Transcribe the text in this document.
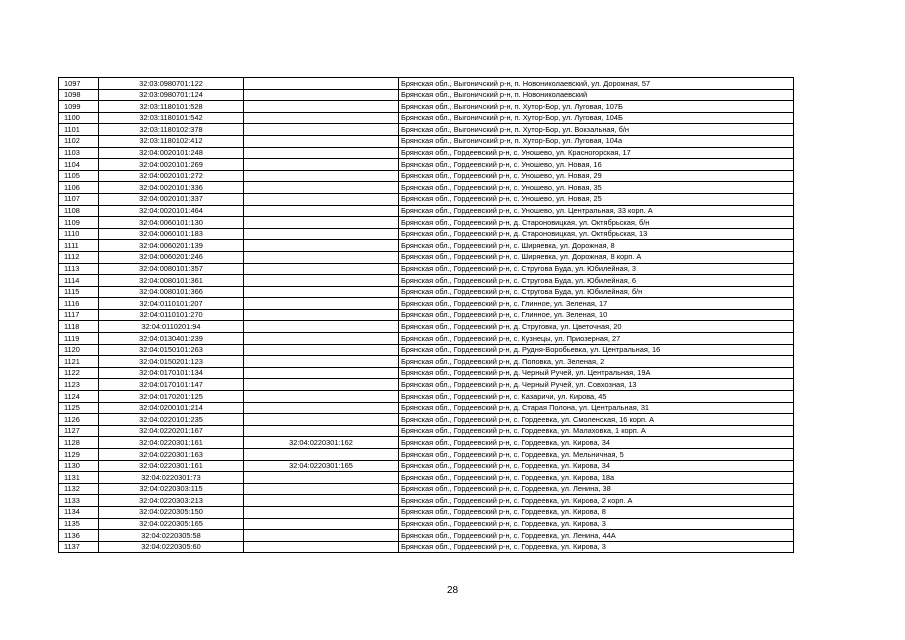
1097	32:03:0980701:122		Брянская обл., Выгоничский р-н, п. Новониколаевский, ул. Дорожная, 57
1098	32:03:0980701:124		Брянская обл., Выгоничский р-н, п. Новониколаевский
1099	32:03:1180101:528		Брянская обл., Выгоничский р-н, п. Хутор-Бор, ул. Луговая, 107Б
1100	32:03:1180101:542		Брянская обл., Выгоничский р-н, п. Хутор-Бор, ул. Луговая, 104Б
1101	32:03:1180102:378		Брянская обл., Выгоничский р-н, п. Хутор-Бор, ул. Вокзальная, б/н
1102	32:03:1180102:412		Брянская обл., Выгоничский р-н, п. Хутор-Бор, ул. Луговая, 104а
1103	32:04:0020101:248		Брянская обл., Гордеевский р-н, с. Уношево, ул. Красногорская, 17
1104	32:04:0020101:269		Брянская обл., Гордеевский р-н, с. Уношево, ул. Новая, 16
1105	32:04:0020101:272		Брянская обл., Гордеевский р-н, с. Уношево, ул. Новая, 29
1106	32:04:0020101:336		Брянская обл., Гордеевский р-н, с. Уношево, ул. Новая, 35
1107	32:04:0020101:337		Брянская обл., Гордеевский р-н, с. Уношево, ул. Новая, 25
1108	32:04:0020101:464		Брянская обл., Гордеевский р-н, с. Уношево, ул. Центральная, 33 корп. А
1109	32:04:0060101:130		Брянская обл., Гордеевский р-н, д. Староновицкая, ул. Октябрьская, б/н
1110	32:04:0060101:183		Брянская обл., Гордеевский р-н, д. Староновицкая, ул. Октябрьская, 13
1111	32:04:0060201:139		Брянская обл., Гордеевский р-н, с. Ширяевка, ул. Дорожная, 8
1112	32:04:0060201:246		Брянская обл., Гордеевский р-н, с. Ширяевка, ул. Дорожная, 8 корп. А
1113	32:04:0080101:357		Брянская обл., Гордеевский р-н, с. Стругова Буда, ул. Юбилейная, 3
1114	32:04:0080101:361		Брянская обл., Гордеевский р-н, с. Стругова Буда, ул. Юбилейная, 6
1115	32:04:0080101:366		Брянская обл., Гордеевский р-н, с. Стругова Буда, ул. Юбилейная, б/н
1116	32:04:0110101:207		Брянская обл., Гордеевский р-н, с. Глинное, ул. Зеленая, 17
1117	32:04:0110101:270		Брянская обл., Гордеевский р-н, с. Глинное, ул. Зеленая, 10
1118	32:04:0110201:94		Брянская обл., Гордеевский р-н, д. Струговка, ул. Цветочная, 20
1119	32:04:0130401:239		Брянская обл., Гордеевский р-н, с. Кузнецы, ул. Приозерная, 27
1120	32:04:0150101:263		Брянская обл., Гордеевский р-н, д. Рудня-Воробьевка, ул. Центральная, 16
1121	32:04:0150201:123		Брянская обл., Гордеевский р-н, д. Поповка, ул. Зеленая, 2
1122	32:04:0170101:134		Брянская обл., Гордеевский р-н, д. Черный Ручей, ул. Центральная, 19А
1123	32:04:0170101:147		Брянская обл., Гордеевский р-н, д. Черный Ручей, ул. Совхозная, 13
1124	32:04:0170201:125		Брянская обл., Гордеевский р-н, с. Казаричи, ул. Кирова, 45
1125	32:04:0200101:214		Брянская обл., Гордеевский р-н, д. Старая Полона, ул. Центральная, 31
1126	32:04:0220101:235		Брянская обл., Гордеевский р-н, с. Гордеевка, ул. Смоленская, 16 корп. А
1127	32:04:0220201:167		Брянская обл., Гордеевский р-н, с. Гордеевка, ул. Малаховка, 1 корп. А
1128	32:04:0220301:161	32:04:0220301:162	Брянская обл., Гордеевский р-н, с. Гордеевка, ул. Кирова, 34
1129	32:04:0220301:163		Брянская обл., Гордеевский р-н, с. Гордеевка, ул. Мельничная, 5
1130	32:04:0220301:161	32:04:0220301:165	Брянская обл., Гордеевский р-н, с. Гордеевка, ул. Кирова, 34
1131	32:04:0220301:73		Брянская обл., Гордеевский р-н, с. Гордеевка, ул. Кирова, 18а
1132	32:04:0220303:115		Брянская обл., Гордеевский р-н, с. Гордеевка, ул. Ленина, 38
1133	32:04:0220303:213		Брянская обл., Гордеевский р-н, с. Гордеевка, ул. Кирова, 2 корп. А
1134	32:04:0220305:150		Брянская обл., Гордеевский р-н, с. Гордеевка, ул. Кирова, 8
1135	32:04:0220305:165		Брянская обл., Гордеевский р-н, с. Гордеевка, ул. Кирова, 3
1136	32:04:0220305:58		Брянская обл., Гордеевский р-н, с. Гордеевка, ул. Ленина, 44А
1137	32:04:0220305:60		Брянская обл., Гордеевский р-н, с. Гордеевка, ул. Кирова, 3
28
